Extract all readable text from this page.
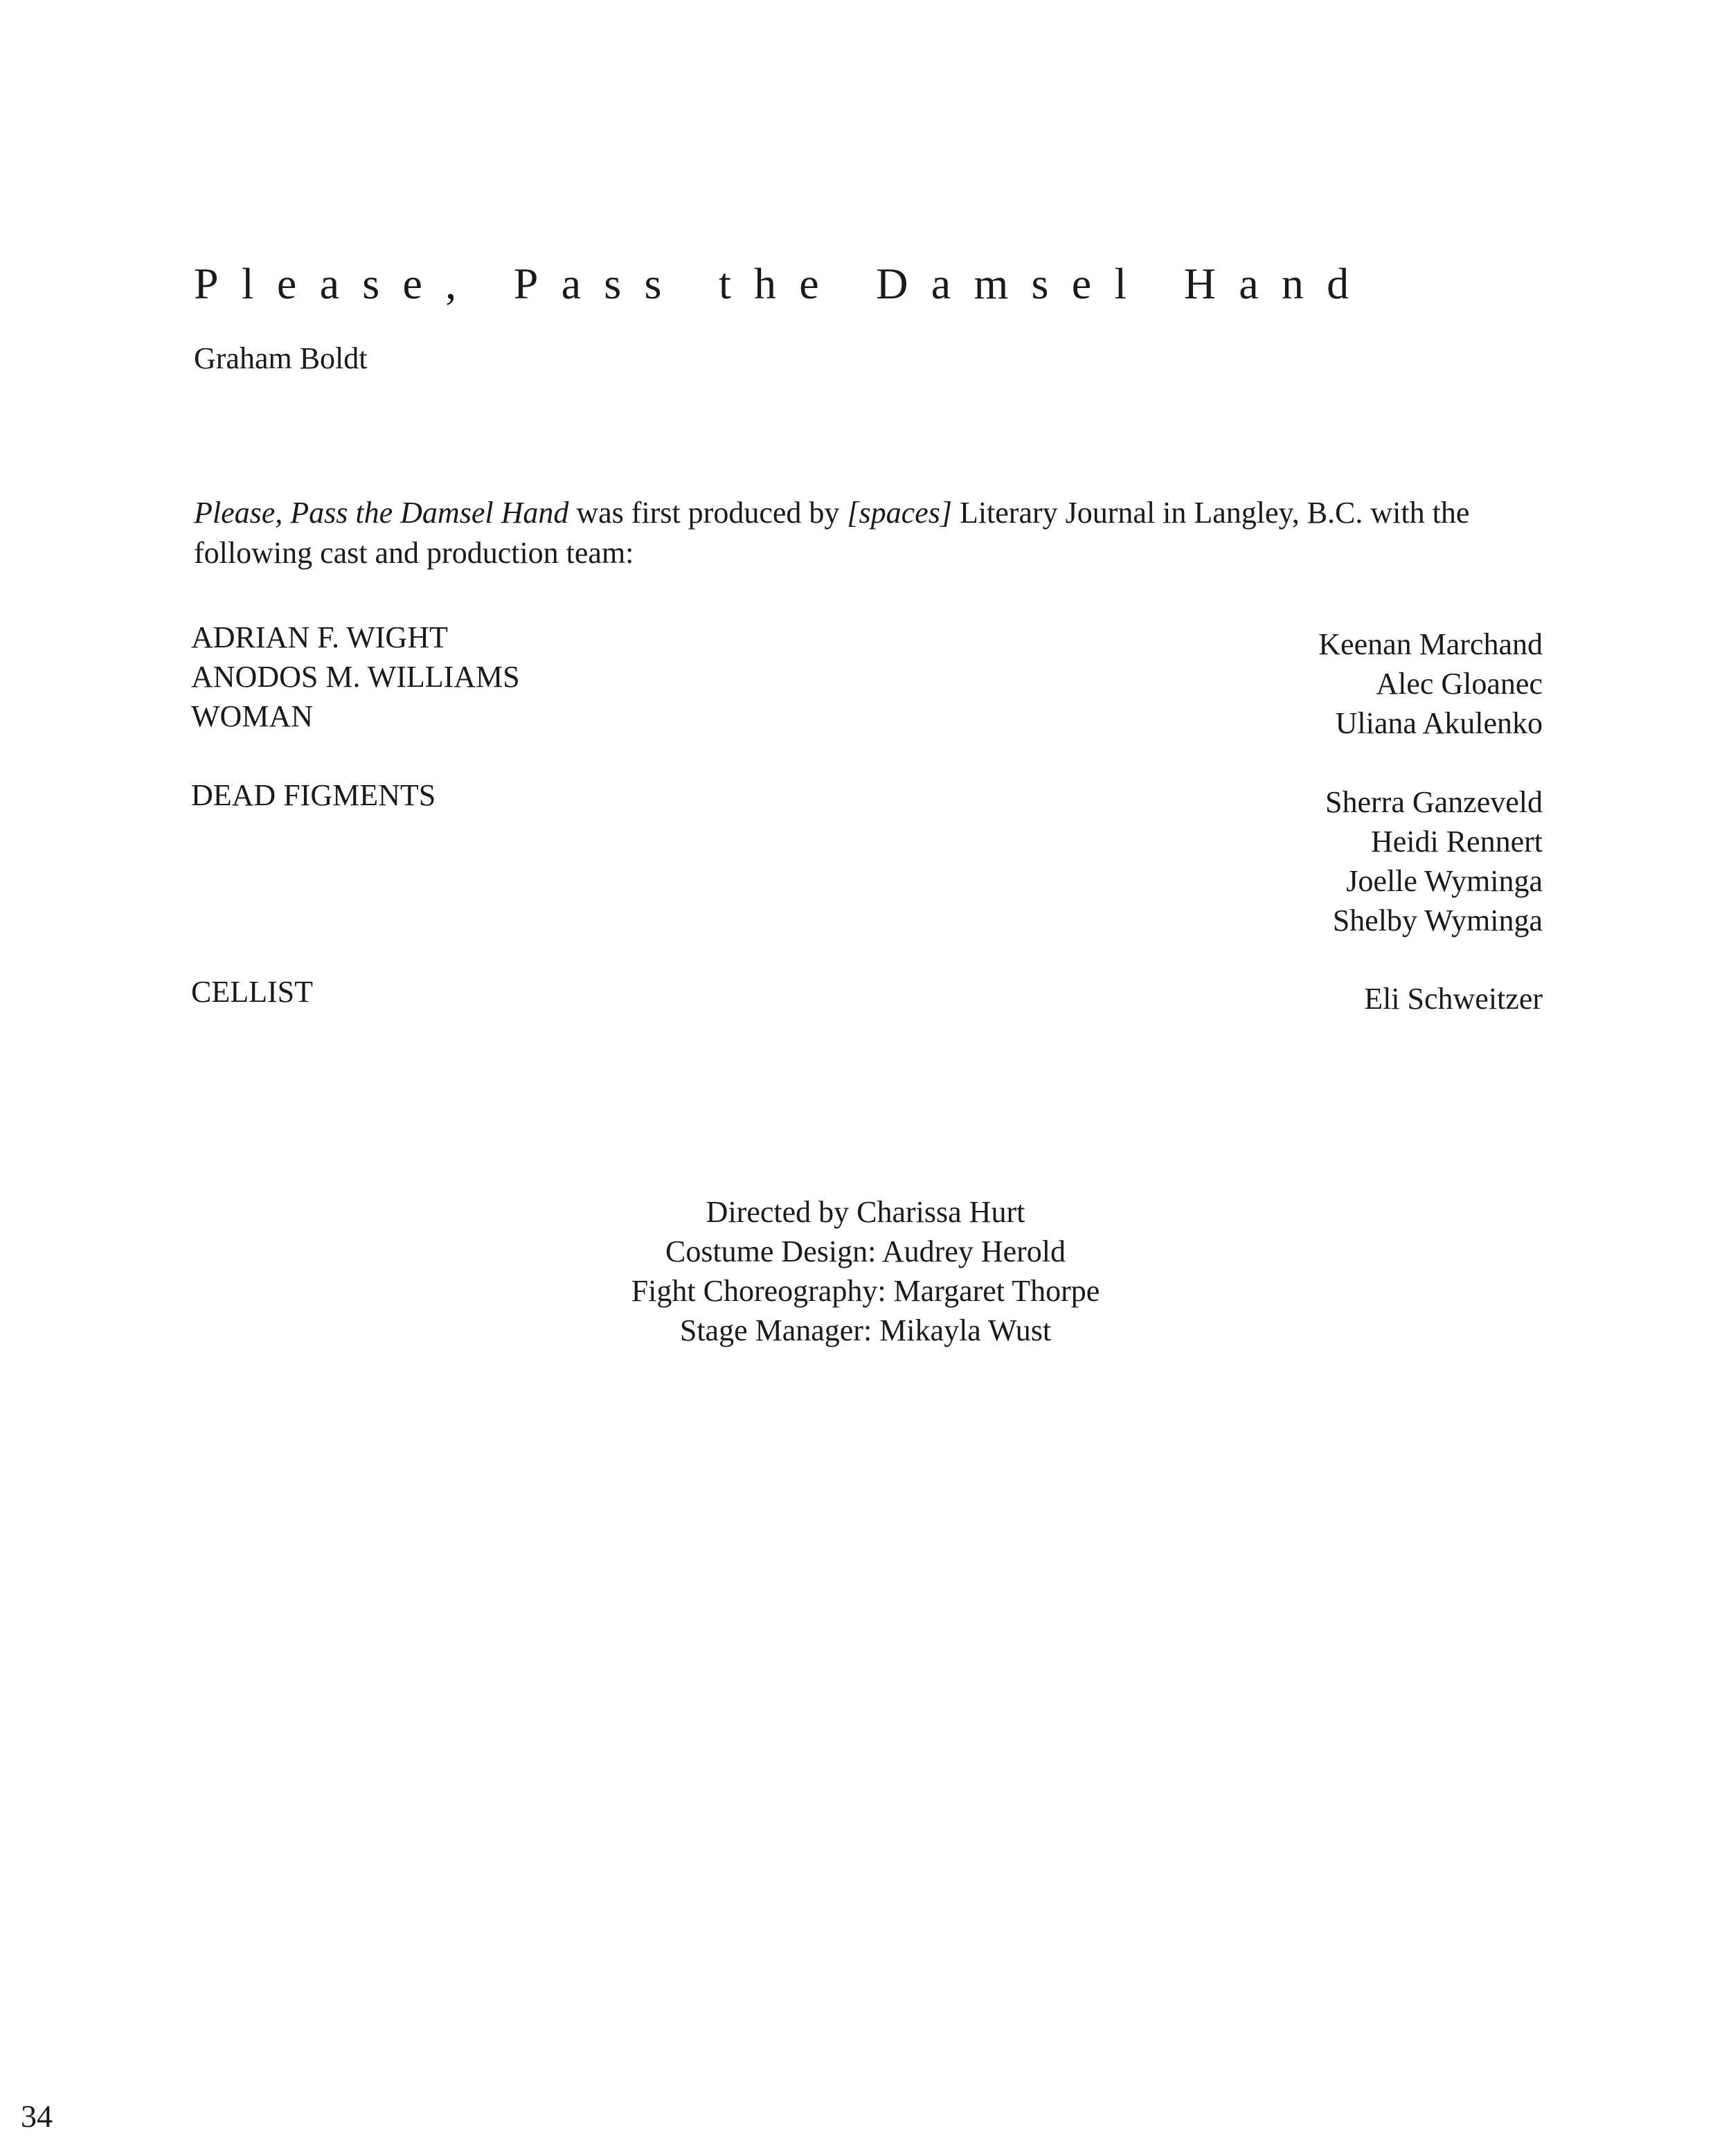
Please, Pass the Damsel Hand
Graham Boldt
Please, Pass the Damsel Hand was first produced by [spaces] Literary Journal in Langley, B.C. with the following cast and production team:
ADRIAN F. WIGHT
ANODOS M. WILLIAMS
WOMAN
Keenan Marchand
Alec Gloanec
Uliana Akulenko
DEAD FIGMENTS	Sherra Ganzeveld
Heidi Rennert
Joelle Wyminga
Shelby Wyminga
CELLIST	Eli Schweitzer
Directed by Charissa Hurt
Costume Design: Audrey Herold
Fight Choreography: Margaret Thorpe
Stage Manager: Mikayla Wust
34
